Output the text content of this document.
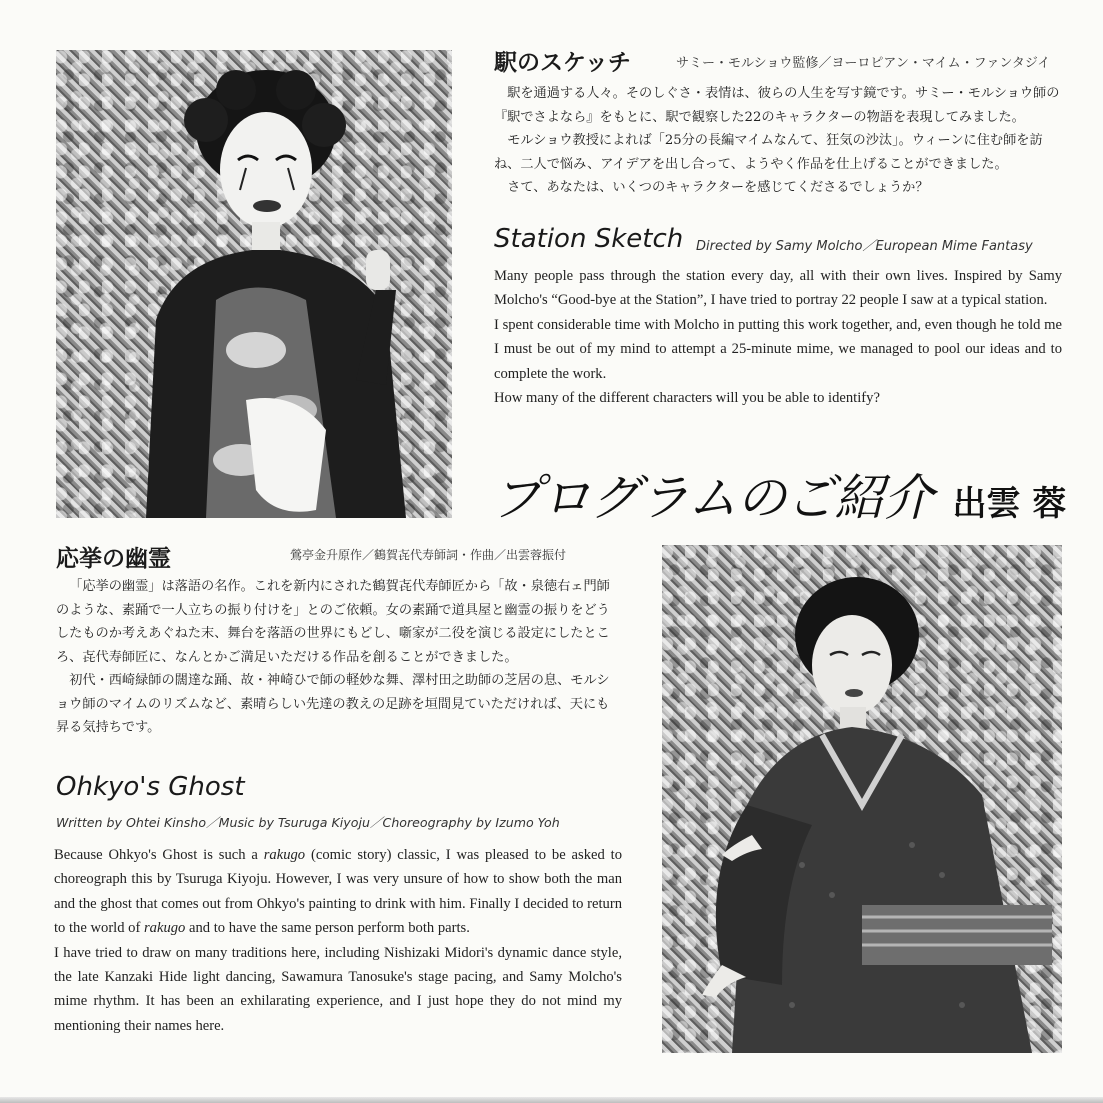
駅のスケッチ	サミー・モルショウ監修／ヨーロピアン・マイム・ファンタジイ

駅を通過する人々。そのしぐさ・表情は、彼らの人生を写す鏡です。サミー・モルショウ師の『駅でさよなら』をもとに、駅で観察した22のキャラクターの物語を表現してみました。

モルショウ教授によれば「25分の長編マイムなんて、狂気の沙汰」。ウィーンに住む師を訪ね、二人で悩み、アイデアを出し合って、ようやく作品を仕上げることができました。

さて、あなたは、いくつのキャラクターを感じてくださるでしょうか？

Station Sketch Directed by Samy Molcho／European Mime Fantasy

Many people pass through the station every day, all with their own lives. Inspired by Samy Molcho's “Good-bye at the Station”, I have tried to portray 22 people I saw at a typical station.

I spent considerable time with Molcho in putting this work together, and, even though he told me I must be out of my mind to attempt a 25-minute mime, we managed to pool our ideas and to complete the work.

How many of the different characters will you be able to identify?

プログラムのご紹介 出雲 蓉
応挙の幽霊	鶯亭金升原作／鶴賀㐂代寿師詞・作曲／出雲蓉振付

「応挙の幽霊」は落語の名作。これを新内にされた鶴賀㐂代寿師匠から「故・泉徳右ェ門師のような、素踊で一人立ちの振り付けを」とのご依頼。女の素踊で道具屋と幽霊の振りをどうしたものか考えあぐねた末、舞台を落語の世界にもどし、噺家が二役を演じる設定にしたところ、㐂代寿師匠に、なんとかご満足いただける作品を創ることができました。

初代・西崎緑師の闊達な踊、故・神崎ひで師の軽妙な舞、澤村田之助師の芝居の息、モルショウ師のマイムのリズムなど、素晴らしい先達の教えの足跡を垣間見ていただければ、天にも昇る気持ちです。

Ohkyo's Ghost
Written by Ohtei Kinsho／Music by Tsuruga Kiyoju／Choreography by Izumo Yoh

Because Ohkyo's Ghost is such a rakugo (comic story) classic, I was pleased to be asked to choreograph this by Tsuruga Kiyoju. However, I was very unsure of how to show both the man and the ghost that comes out from Ohkyo's painting to drink with him. Finally I decided to return to the world of rakugo and to have the same person perform both parts.

I have tried to draw on many traditions here, including Nishizaki Midori's dynamic dance style, the late Kanzaki Hide light dancing, Sawamura Tanosuke's stage pacing, and Samy Molcho's mime rhythm. It has been an exhilarating experience, and I just hope they do not mind my mentioning their names here.
